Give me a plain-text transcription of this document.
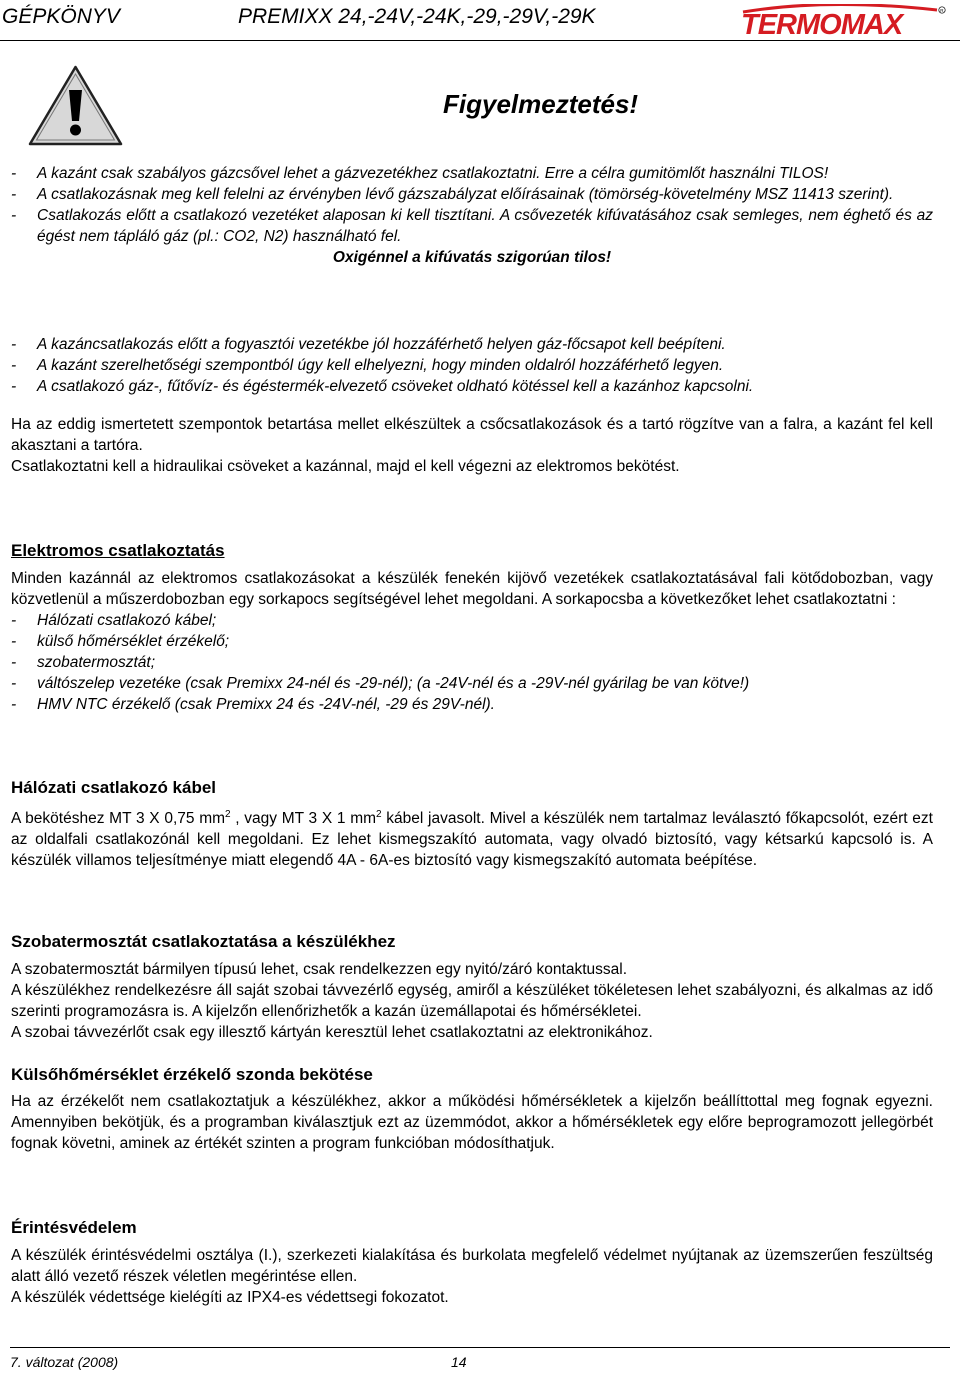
GÉPKÖNYV	PREMIXX 24,-24V,-24K,-29,-29V,-29K	TERMOMAX	R
Figyelmeztetés!
- A kazánt csak szabályos gázcsővel lehet a gázvezetékhez csatlakoztatni. Erre a célra gumitömlőt használni TILOS!
- A csatlakozásnak meg kell felelni az érvényben lévő gázszabályzat előírásainak (tömörség-követelmény MSZ 11413 szerint).
- Csatlakozás előtt a csatlakozó vezetéket alaposan ki kell tisztítani. A csővezeték kifúvatásához csak semleges, nem éghető és az égést nem tápláló gáz (pl.: CO2, N2) használható fel.
Oxigénnel a kifúvatás szigorúan tilos!
- A kazáncsatlakozás előtt a fogyasztói vezetékbe jól hozzáférhető helyen gáz-főcsapot kell beépíteni.
- A kazánt szerelhetőségi szempontból úgy kell elhelyezni, hogy minden oldalról hozzáférhető legyen.
- A csatlakozó gáz-, fűtővíz- és égéstermék-elvezető csöveket oldható kötéssel kell a kazánhoz kapcsolni.

Ha az eddig ismertetett szempontok betartása mellet elkészültek a csőcsatlakozások és a tartó rögzítve van a falra, a kazánt fel kell akasztani a tartóra.

Csatlakoztatni kell a hidraulikai csöveket a kazánnal, majd el kell végezni az elektromos bekötést.

Elektromos csatlakoztatás

Minden kazánnál az elektromos csatlakozásokat a készülék fenekén kijövő vezetékek csatlakoztatásával fali kötődobozban, vagy közvetlenül a műszerdobozban egy sorkapocs segítségével lehet megoldani. A sorkapocsba a következőket lehet csatlakoztatni :

- Hálózati csatlakozó kábel;
- külső hőmérséklet érzékelő;
- szobatermosztát;
- váltószelep vezetéke (csak Premixx 24-nél és -29-nél); (a -24V-nél és a -29V-nél gyárilag be van kötve!)
- HMV NTC érzékelő (csak Premixx 24 és -24V-nél, -29 és 29V-nél).
Hálózati csatlakozó kábel
A bekötéshez MT 3 X 0,75 $mm^2$ , vagy MT 3 X 1 $mm^2$ kábel javasolt. Mivel a készülék nem tartalmaz leválasztó főkapcsolót, ezért ezt az oldalfali csatlakozónál kell megoldani. Ez lehet kismegszakító automata, vagy olvadó biztosító, vagy kétsarkú kapcsoló is. A készülék villamos teljesítménye miatt elegendő 4A - 6A-es biztosító vagy kismegszakító automata beépítése.
Szobatermosztát csatlakoztatása a készülékhez

A szobatermosztát bármilyen típusú lehet, csak rendelkezzen egy nyitó/záró kontaktussal.

A készülékhez rendelkezésre áll saját szobai távvezérlő egység, amiről a készüléket tökéletesen lehet szabályozni, és alkalmas az idő szerinti programozásra is. A kijelzőn ellenőrizhetők a kazán üzemállapotai és hőmérsékletei.

A szobai távvezérlőt csak egy illesztő kártyán keresztül lehet csatlakoztatni az elektronikához.

Külsőhőmérséklet érzékelő szonda bekötése
Ha az érzékelőt nem csatlakoztatjuk a készülékhez, akkor a működési hőmérsékletek a kijelzőn beállíttottal meg fognak egyezni. Amennyiben bekötjük, és a programban kiválasztjuk ezt az üzemmódot, akkor a hőmérsékletek egy előre beprogramozott jellegörbét fognak követni, aminek az értékét szinten a program funkcióban módosíthatjuk.
Érintésvédelem

A készülék érintésvédelmi osztálya (I.), szerkezeti kialakítása és burkolata megfelelő védelmet nyújtanak az üzemszerűen feszültség alatt álló vezető részek véletlen megérintése ellen.

A készülék védettsége kielégíti az IPX4-es védettsegi fokozatot.

7. változat (2008)	14
